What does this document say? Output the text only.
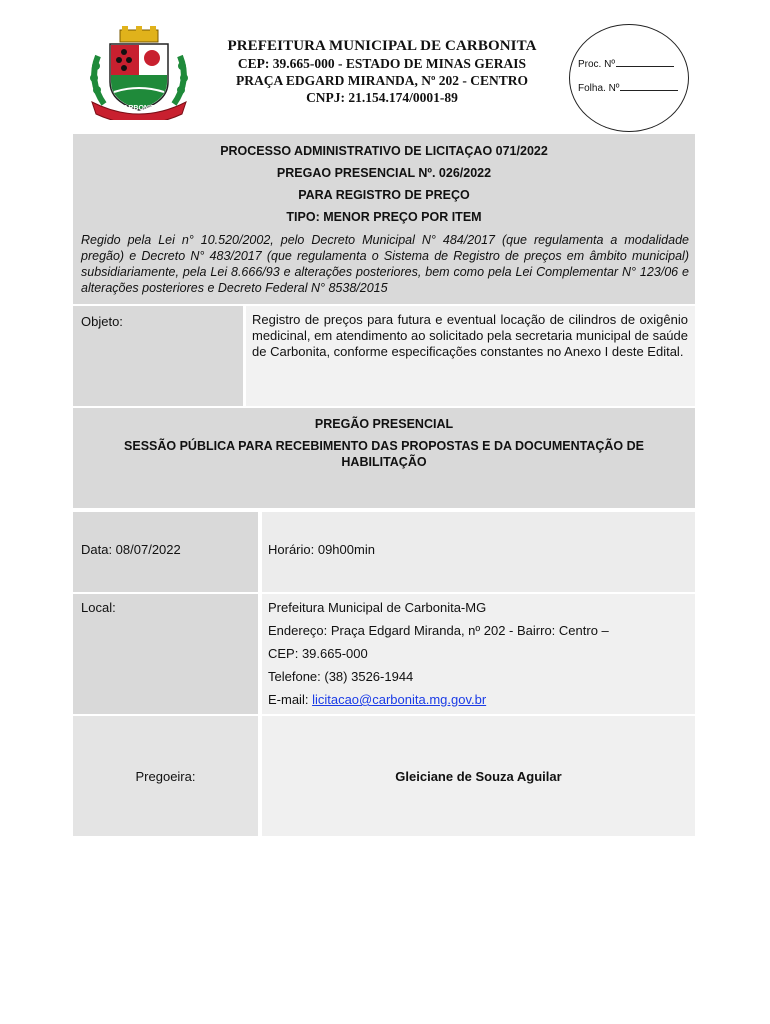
CARBONITA
PREFEITURA MUNICIPAL DE CARBONITA
CEP: 39.665-000 - ESTADO DE MINAS GERAIS
PRAÇA EDGARD MIRANDA, Nº 202 - CENTRO
CNPJ: 21.154.174/0001-89
Proc. Nº
Folha. Nº
PROCESSO ADMINISTRATIVO DE LICITAÇAO 071/2022
PREGAO PRESENCIAL Nº. 026/2022
PARA REGISTRO DE PREÇO
TIPO: MENOR PREÇO POR ITEM
Regido pela Lei n° 10.520/2002, pelo Decreto Municipal N° 484/2017 (que regulamenta a modalidade pregão) e Decreto N° 483/2017 (que regulamenta o Sistema de Registro de preços em âmbito municipal) subsidiariamente, pela Lei 8.666/93 e alterações posteriores, bem como pela Lei Complementar N° 123/06 e alterações posteriores e Decreto Federal N° 8538/2015
Objeto:	Registro de preços para futura e eventual locação de cilindros de oxigênio medicinal, em atendimento ao solicitado pela secretaria municipal de saúde de Carbonita, conforme especificações constantes no Anexo I deste Edital.
PREGÃO PRESENCIAL
SESSÃO PÚBLICA PARA RECEBIMENTO DAS PROPOSTAS E DA DOCUMENTAÇÃO DE HABILITAÇÃO
Data: 08/07/2022	Horário: 09h00min
Local:	Prefeitura Municipal de Carbonita-MG
Endereço: Praça Edgard Miranda, nº 202 - Bairro: Centro –
CEP: 39.665-000
Telefone: (38) 3526-1944
E-mail: licitacao@carbonita.mg.gov.br
Pregoeira:	Gleiciane de Souza Aguilar
